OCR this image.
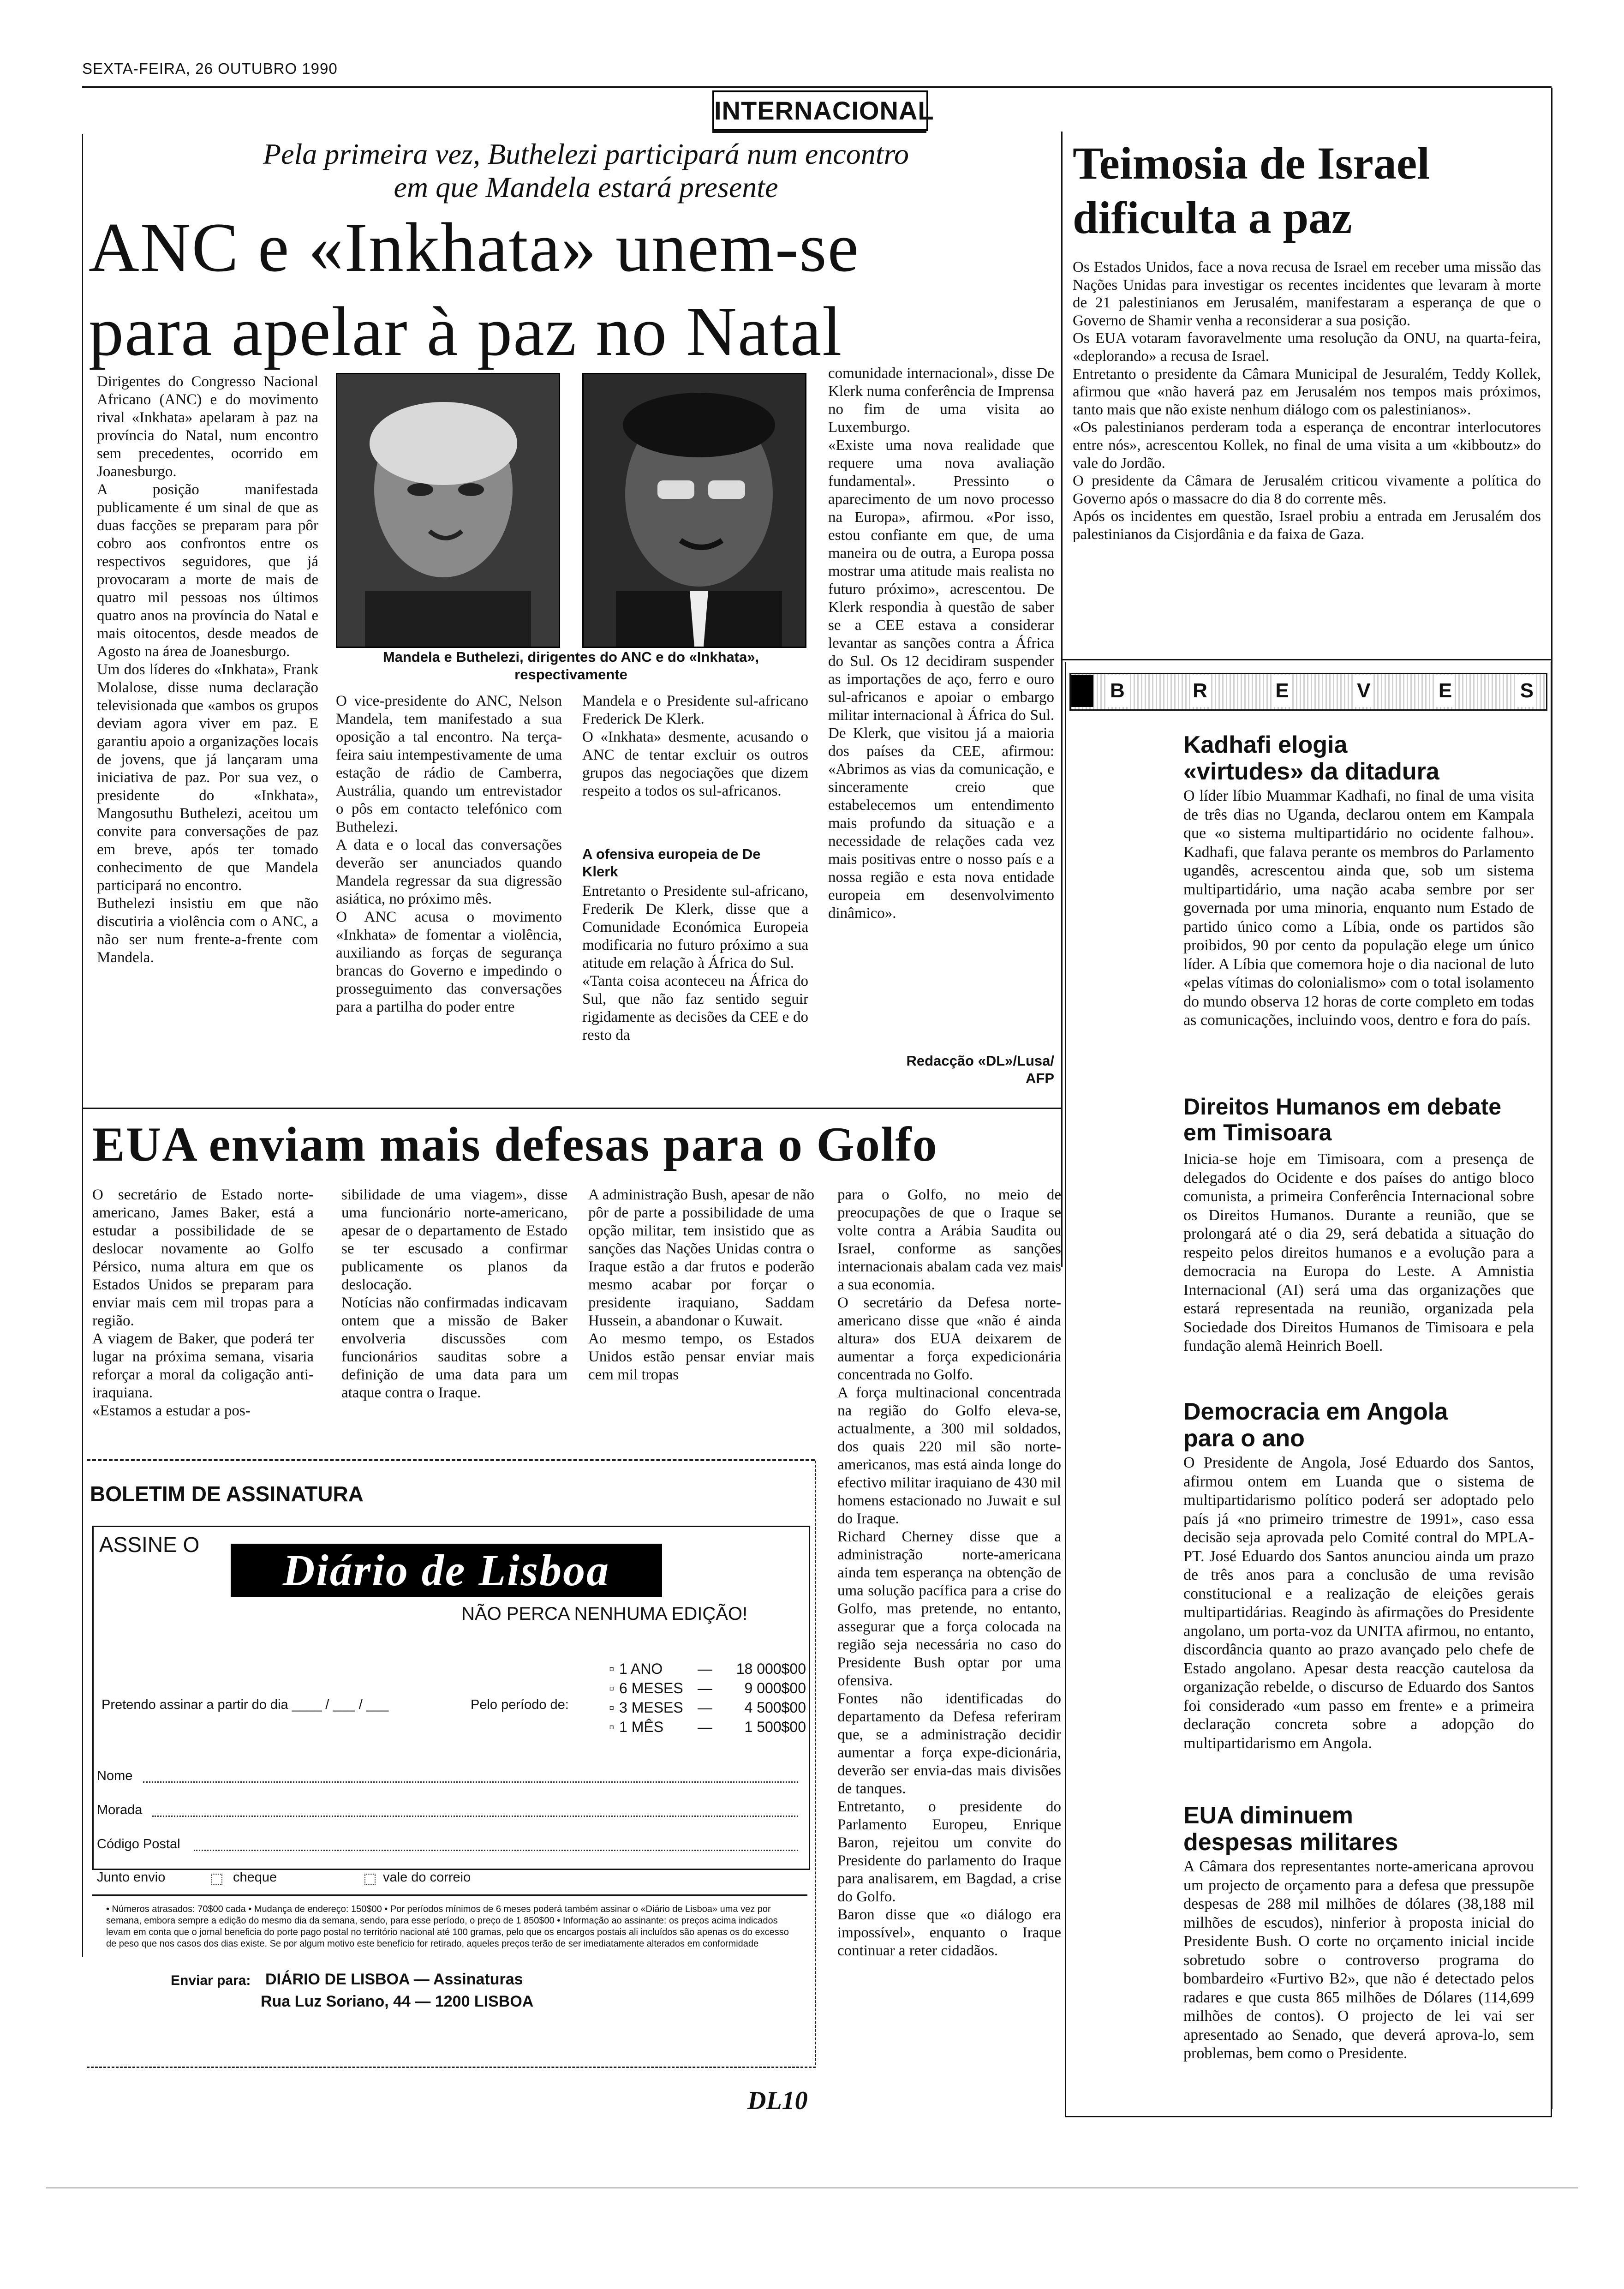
SEXTA-FEIRA, 26 OUTUBRO 1990
INTERNACIONAL
Pela primeira vez, Buthelezi participará num encontro
em que Mandela estará presente
ANC e «Inkhata» unem-se
para apelar à paz no Natal
Dirigentes do Congresso Nacional Africano (ANC) e do movimento rival «Inkhata» apelaram à paz na província do Natal, num encontro sem precedentes, ocorrido em Joanesburgo.
A posição manifestada publicamente é um sinal de que as duas facções se preparam para pôr cobro aos confrontos entre os respectivos seguidores, que já provocaram a morte de mais de quatro mil pessoas nos últimos quatro anos na província do Natal e mais oitocentos, desde meados de Agosto na área de Joanesburgo.
Um dos líderes do «Inkhata», Frank Molalose, disse numa declaração televisionada que «ambos os grupos deviam agora viver em paz. E garantiu apoio a organizações locais de jovens, que já lançaram uma iniciativa de paz. Por sua vez, o presidente do «Inkhata», Mangosuthu Buthelezi, aceitou um convite para conversações de paz em breve, após ter tomado conhecimento de que Mandela participará no encontro.
Buthelezi insistiu em que não discutiria a violência com o ANC, a não ser num frente-a-frente com Mandela.
Mandela e Buthelezi, dirigentes do ANC e do «Inkhata», respectivamente
O vice-presidente do ANC, Nelson Mandela, tem manifestado a sua oposição a tal encontro. Na terça-feira saiu intempestivamente de uma estação de rádio de Camberra, Austrália, quando um entrevistador o pôs em contacto telefónico com Buthelezi.
A data e o local das conversações deverão ser anunciados quando Mandela regressar da sua digressão asiática, no próximo mês.
O ANC acusa o movimento «Inkhata» de fomentar a violência, auxiliando as forças de segurança brancas do Governo e impedindo o prosseguimento das conversações para a partilha do poder entre
Mandela e o Presidente sul-africano Frederick De Klerk.
O «Inkhata» desmente, acusando o ANC de tentar excluir os outros grupos das negociações que dizem respeito a todos os sul-africanos.
A ofensiva europeia de De Klerk
Entretanto o Presidente sul-africano, Frederik De Klerk, disse que a Comunidade Económica Europeia modificaria no futuro próximo a sua atitude em relação à África do Sul.
«Tanta coisa aconteceu na África do Sul, que não faz sentido seguir rigidamente as decisões da CEE e do resto da
comunidade internacional», disse De Klerk numa conferência de Imprensa no fim de uma visita ao Luxemburgo.
«Existe uma nova realidade que requere uma nova avaliação fundamental». Pressinto o aparecimento de um novo processo na Europa», afirmou. «Por isso, estou confiante em que, de uma maneira ou de outra, a Europa possa mostrar uma atitude mais realista no futuro próximo», acrescentou. De Klerk respondia à questão de saber se a CEE estava a considerar levantar as sanções contra a África do Sul. Os 12 decidiram suspender as importações de aço, ferro e ouro sul-africanos e apoiar o embargo militar internacional à África do Sul. De Klerk, que visitou já a maioria dos países da CEE, afirmou: «Abrimos as vias da comunicação, e sinceramente creio que estabelecemos um entendimento mais profundo da situação e a necessidade de relações cada vez mais positivas entre o nosso país e a nossa região e esta nova entidade europeia em desenvolvimento dinâmico».
Redacção «DL»/Lusa/
AFP
Teimosia de Israel
dificulta a paz
Os Estados Unidos, face a nova recusa de Israel em receber uma missão das Nações Unidas para investigar os recentes incidentes que levaram à morte de 21 palestinianos em Jerusalém, manifestaram a esperança de que o Governo de Shamir venha a reconsiderar a sua posição.
Os EUA votaram favoravelmente uma resolução da ONU, na quarta-feira, «deplorando» a recusa de Israel.
Entretanto o presidente da Câmara Municipal de Jesuralém, Teddy Kollek, afirmou que «não haverá paz em Jerusalém nos tempos mais próximos, tanto mais que não existe nenhum diálogo com os palestinianos».
«Os palestinianos perderam toda a esperança de encontrar interlocutores entre nós», acrescentou Kollek, no final de uma visita a um «kibboutz» do vale do Jordão.
O presidente da Câmara de Jerusalém criticou vivamente a política do Governo após o massacre do dia 8 do corrente mês.
Após os incidentes em questão, Israel probiu a entrada em Jerusalém dos palestinianos da Cisjordânia e da faixa de Gaza.
B	R	E	V	E	S
Kadhafi elogia
«virtudes» da ditadura
O líder líbio Muammar Kadhafi, no final de uma visita de três dias no Uganda, declarou ontem em Kampala que «o sistema multipartidário no ocidente falhou». Kadhafi, que falava perante os membros do Parlamento ugandês, acrescentou ainda que, sob um sistema multipartidário, uma nação acaba sembre por ser governada por uma minoria, enquanto num Estado de partido único como a Líbia, onde os partidos são proibidos, 90 por cento da população elege um único líder. A Líbia que comemora hoje o dia nacional de luto «pelas vítimas do colonialismo» com o total isolamento do mundo observa 12 horas de corte completo em todas as comunicações, incluindo voos, dentro e fora do país.
Direitos Humanos em debate
em Timisoara
Inicia-se hoje em Timisoara, com a presença de delegados do Ocidente e dos países do antigo bloco comunista, a primeira Conferência Internacional sobre os Direitos Humanos. Durante a reunião, que se prolongará até o dia 29, será debatida a situação do respeito pelos direitos humanos e a evolução para a democracia na Europa do Leste. A Amnistia Internacional (AI) será uma das organizações que estará representada na reunião, organizada pela Sociedade dos Direitos Humanos de Timisoara e pela fundação alemã Heinrich Boell.
Democracia em Angola
para o ano
O Presidente de Angola, José Eduardo dos Santos, afirmou ontem em Luanda que o sistema de multipartidarismo político poderá ser adoptado pelo país já «no primeiro trimestre de 1991», caso essa decisão seja aprovada pelo Comité contral do MPLA-PT. José Eduardo dos Santos anunciou ainda um prazo de três anos para a conclusão de uma revisão constitucional e a realização de eleições gerais multipartidárias. Reagindo às afirmações do Presidente angolano, um porta-voz da UNITA afirmou, no entanto, discordância quanto ao prazo avançado pelo chefe de Estado angolano. Apesar desta reacção cautelosa da organização rebelde, o discurso de Eduardo dos Santos foi considerado «um passo em frente» e a primeira declaração concreta sobre a adopção do multipartidarismo em Angola.
EUA diminuem
despesas militares
A Câmara dos representantes norte-americana aprovou um projecto de orçamento para a defesa que pressupõe despesas de 288 mil milhões de dólares (38,188 mil milhões de escudos), ninferior à proposta inicial do Presidente Bush. O corte no orçamento inicial incide sobretudo sobre o controverso programa do bombardeiro «Furtivo B2», que não é detectado pelos radares e que custa 865 milhões de Dólares (114,699 milhões de contos). O projecto de lei vai ser apresentado ao Senado, que deverá aprova-lo, sem problemas, bem como o Presidente.
EUA enviam mais defesas para o Golfo
O secretário de Estado norte-americano, James Baker, está a estudar a possibilidade de se deslocar novamente ao Golfo Pérsico, numa altura em que os Estados Unidos se preparam para enviar mais cem mil tropas para a região.
A viagem de Baker, que poderá ter lugar na próxima semana, visaria reforçar a moral da coligação anti-iraquiana.
«Estamos a estudar a pos-
sibilidade de uma viagem», disse uma funcionário norte-americano, apesar de o departamento de Estado se ter escusado a confirmar publicamente os planos da deslocação.
Notícias não confirmadas indicavam ontem que a missão de Baker envolveria discussões com funcionários sauditas sobre a definição de uma data para um ataque contra o Iraque.
A administração Bush, apesar de não pôr de parte a possibilidade de uma opção militar, tem insistido que as sanções das Nações Unidas contra o Iraque estão a dar frutos e poderão mesmo acabar por forçar o presidente iraquiano, Saddam Hussein, a abandonar o Kuwait.
Ao mesmo tempo, os Estados Unidos estão pensar enviar mais cem mil tropas
para o Golfo, no meio de preocupações de que o Iraque se volte contra a Arábia Saudita ou Israel, conforme as sanções internacionais abalam cada vez mais a sua economia.
O secretário da Defesa norte-americano disse que «não é ainda altura» dos EUA deixarem de aumentar a força expedicionária concentrada no Golfo.
A força multinacional concentrada na região do Golfo eleva-se, actualmente, a 300 mil soldados, dos quais 220 mil são norte-americanos, mas está ainda longe do efectivo militar iraquiano de 430 mil homens estacionado no Juwait e sul do Iraque.
Richard Cherney disse que a administração norte-americana ainda tem esperança na obtenção de uma solução pacífica para a crise do Golfo, mas pretende, no entanto, assegurar que a força colocada na região seja necessária no caso do Presidente Bush optar por uma ofensiva.
Fontes não identificadas do departamento da Defesa referiram que, se a administração decidir aumentar a força expe-dicionária, deverão ser envia-das mais divisões de tanques.
Entretanto, o presidente do Parlamento Europeu, Enrique Baron, rejeitou um convite do Presidente do parlamento do Iraque para analisarem, em Bagdad, a crise do Golfo.
Baron disse que «o diálogo era impossível», enquanto o Iraque continuar a reter cidadãos.
BOLETIM DE ASSINATURA
ASSINE O
Diário de Lisboa
NÃO PERCA NENHUMA EDIÇÃO!
Pretendo assinar a partir do dia ____ / ___ / ___	Pelo período de:
▫ 1 ANO	—	18 000$00
▫ 6 MESES —	9 000$00
▫ 3 MESES —	4 500$00
▫ 1 MÊS	—	1 500$00
Nome
Morada
Código Postal
Junto envio	cheque	vale do correio
• Números atrasados: 70$00 cada • Mudança de endereço: 150$00 • Por períodos mínimos de 6 meses poderá também assinar o «Diário de Lisboa» uma vez por semana, embora sempre a edição do mesmo dia da semana, sendo, para esse período, o preço de 1 850$00 • Informação ao assinante: os preços acima indicados levam em conta que o jornal beneficia do porte pago postal no território nacional até 100 gramas, pelo que os encargos postais ali incluídos são apenas os do excesso de peso que nos casos dos dias existe. Se por algum motivo este benefício for retirado, aqueles preços terão de ser imediatamente alterados em conformidade
Enviar para: DIÁRIO DE LISBOA — Assinaturas
Rua Luz Soriano, 44 — 1200 LISBOA
DL10
